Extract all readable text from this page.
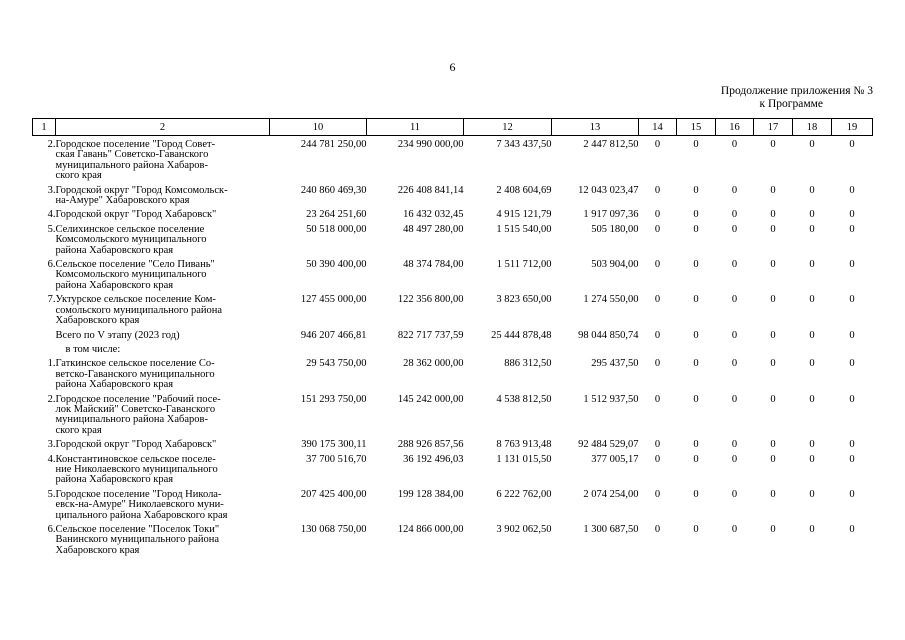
6
Продолжение приложения № 3
к Программе
1	2	10	11	12	13	14	15	16	17	18	19
2.	Городское поселение "Город Совет-
ская Гавань" Советско-Гаванского
муниципального района Хабаров-
ского края	244 781 250,00	234 990 000,00	7 343 437,50	2 447 812,50	0	0	0	0	0	0

3.	Городской округ "Город Комсомольск-
на-Амуре" Хабаровского края	240 860 469,30	226 408 841,14	2 408 604,69	12 043 023,47	0	0	0	0	0	0

4.	Городской округ "Город Хабаровск"	23 264 251,60	16 432 032,45	4 915 121,79	1 917 097,36	0	0	0	0	0	0

5.	Селихинское сельское поселение
Комсомольского муниципального
района Хабаровского края	50 518 000,00	48 497 280,00	1 515 540,00	505 180,00	0	0	0	0	0	0

6.	Сельское поселение "Село Пивань"
Комсомольского муниципального
района Хабаровского края	50 390 400,00	48 374 784,00	1 511 712,00	503 904,00	0	0	0	0	0	0

7.	Уктурское сельское поселение Ком-
сомольского муниципального района
Хабаровского края	127 455 000,00	122 356 800,00	3 823 650,00	1 274 550,00	0	0	0	0	0	0

	Всего по V этапу (2023 год)	946 207 466,81	822 717 737,59	25 444 878,48	98 044 850,74	0	0	0	0	0	0

	в том числе:										

1.	Гаткинское сельское поселение Со-
ветско-Гаванского муниципального
района Хабаровского края	29 543 750,00	28 362 000,00	886 312,50	295 437,50	0	0	0	0	0	0

2.	Городское поселение "Рабочий посе-
лок Майский" Советско-Гаванского
муниципального района Хабаров-
ского края	151 293 750,00	145 242 000,00	4 538 812,50	1 512 937,50	0	0	0	0	0	0

3.	Городской округ "Город Хабаровск"	390 175 300,11	288 926 857,56	8 763 913,48	92 484 529,07	0	0	0	0	0	0

4.	Константиновское сельское поселе-
ние Николаевского муниципального
района Хабаровского края	37 700 516,70	36 192 496,03	1 131 015,50	377 005,17	0	0	0	0	0	0

5.	Городское поселение "Город Никола-
евск-на-Амуре" Николаевского муни-
ципального района Хабаровского края	207 425 400,00	199 128 384,00	6 222 762,00	2 074 254,00	0	0	0	0	0	0

6.	Сельское поселение "Поселок Токи"
Ванинского муниципального района
Хабаровского края	130 068 750,00	124 866 000,00	3 902 062,50	1 300 687,50	0	0	0	0	0	0
